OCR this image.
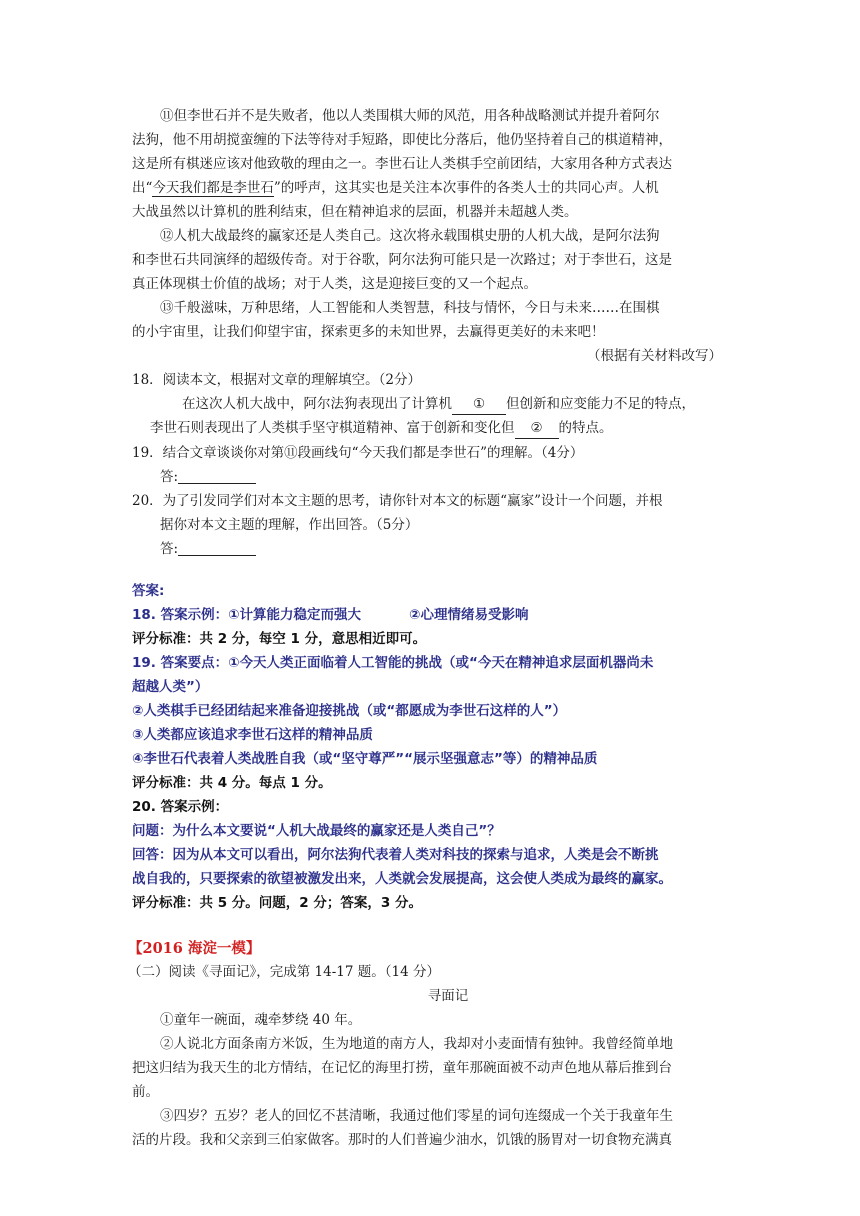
⑪但李世石并不是失败者，他以人类围棋大师的风范，用各种战略测试并提升着阿尔
法狗，他不用胡搅蛮缠的下法等待对手短路，即使比分落后，他仍坚持着自己的棋道精神，
这是所有棋迷应该对他致敬的理由之一。李世石让人类棋手空前团结，大家用各种方式表达
出“今天我们都是李世石”的呼声，这其实也是关注本次事件的各类人士的共同心声。人机
大战虽然以计算机的胜利结束，但在精神追求的层面，机器并未超越人类。
⑫人机大战最终的赢家还是人类自己。这次将永载围棋史册的人机大战，是阿尔法狗
和李世石共同演绎的超级传奇。对于谷歌，阿尔法狗可能只是一次路过；对于李世石，这是
真正体现棋士价值的战场；对于人类，这是迎接巨变的又一个起点。
⑬千般滋味，万种思绪，人工智能和人类智慧，科技与情怀，今日与未来……在围棋
的小宇宙里，让我们仰望宇宙，探索更多的未知世界，去赢得更美好的未来吧！
（根据有关材料改写）
18．阅读本文，根据对文章的理解填空。（2分）
在这次人机大战中，阿尔法狗表现出了计算机 ① 但创新和应变能力不足的特点，
李世石则表现出了人类棋手坚守棋道精神、富于创新和变化但 ② 的特点。
19．结合文章谈谈你对第⑪段画线句“今天我们都是李世石”的理解。（4分）
答:
20．为了引发同学们对本文主题的思考，请你针对本文的标题“赢家”设计一个问题，并根
据你对本文主题的理解，作出回答。（5分）
答:
答案:
18. 答案示例：①计算能力稳定而强大	②心理情绪易受影响
评分标准：共 2 分，每空 1 分，意思相近即可。
19. 答案要点：①今天人类正面临着人工智能的挑战（或“今天在精神追求层面机器尚未
超越人类”）
②人类棋手已经团结起来准备迎接挑战（或“都愿成为李世石这样的人”）
③人类都应该追求李世石这样的精神品质
④李世石代表着人类战胜自我（或“坚守尊严”“展示坚强意志”等）的精神品质
评分标准：共 4 分。每点 1 分。
20. 答案示例：
问题：为什么本文要说“人机大战最终的赢家还是人类自己”？
回答：因为从本文可以看出，阿尔法狗代表着人类对科技的探索与追求，人类是会不断挑
战自我的，只要探索的欲望被激发出来，人类就会发展提高，这会使人类成为最终的赢家。
评分标准：共 5 分。问题，2 分；答案，3 分。
【2016 海淀一模】
（二）阅读《寻面记》，完成第 14-17 题。（14 分）
寻面记
①童年一碗面，魂牵梦绕 40 年。
②人说北方面条南方米饭，生为地道的南方人，我却对小麦面情有独钟。我曾经简单地
把这归结为我天生的北方情结，在记忆的海里打捞，童年那碗面被不动声色地从幕后推到台
前。
③四岁？五岁？老人的回忆不甚清晰，我通过他们零星的词句连缀成一个关于我童年生
活的片段。我和父亲到三伯家做客。那时的人们普遍少油水，饥饿的肠胃对一切食物充满真
